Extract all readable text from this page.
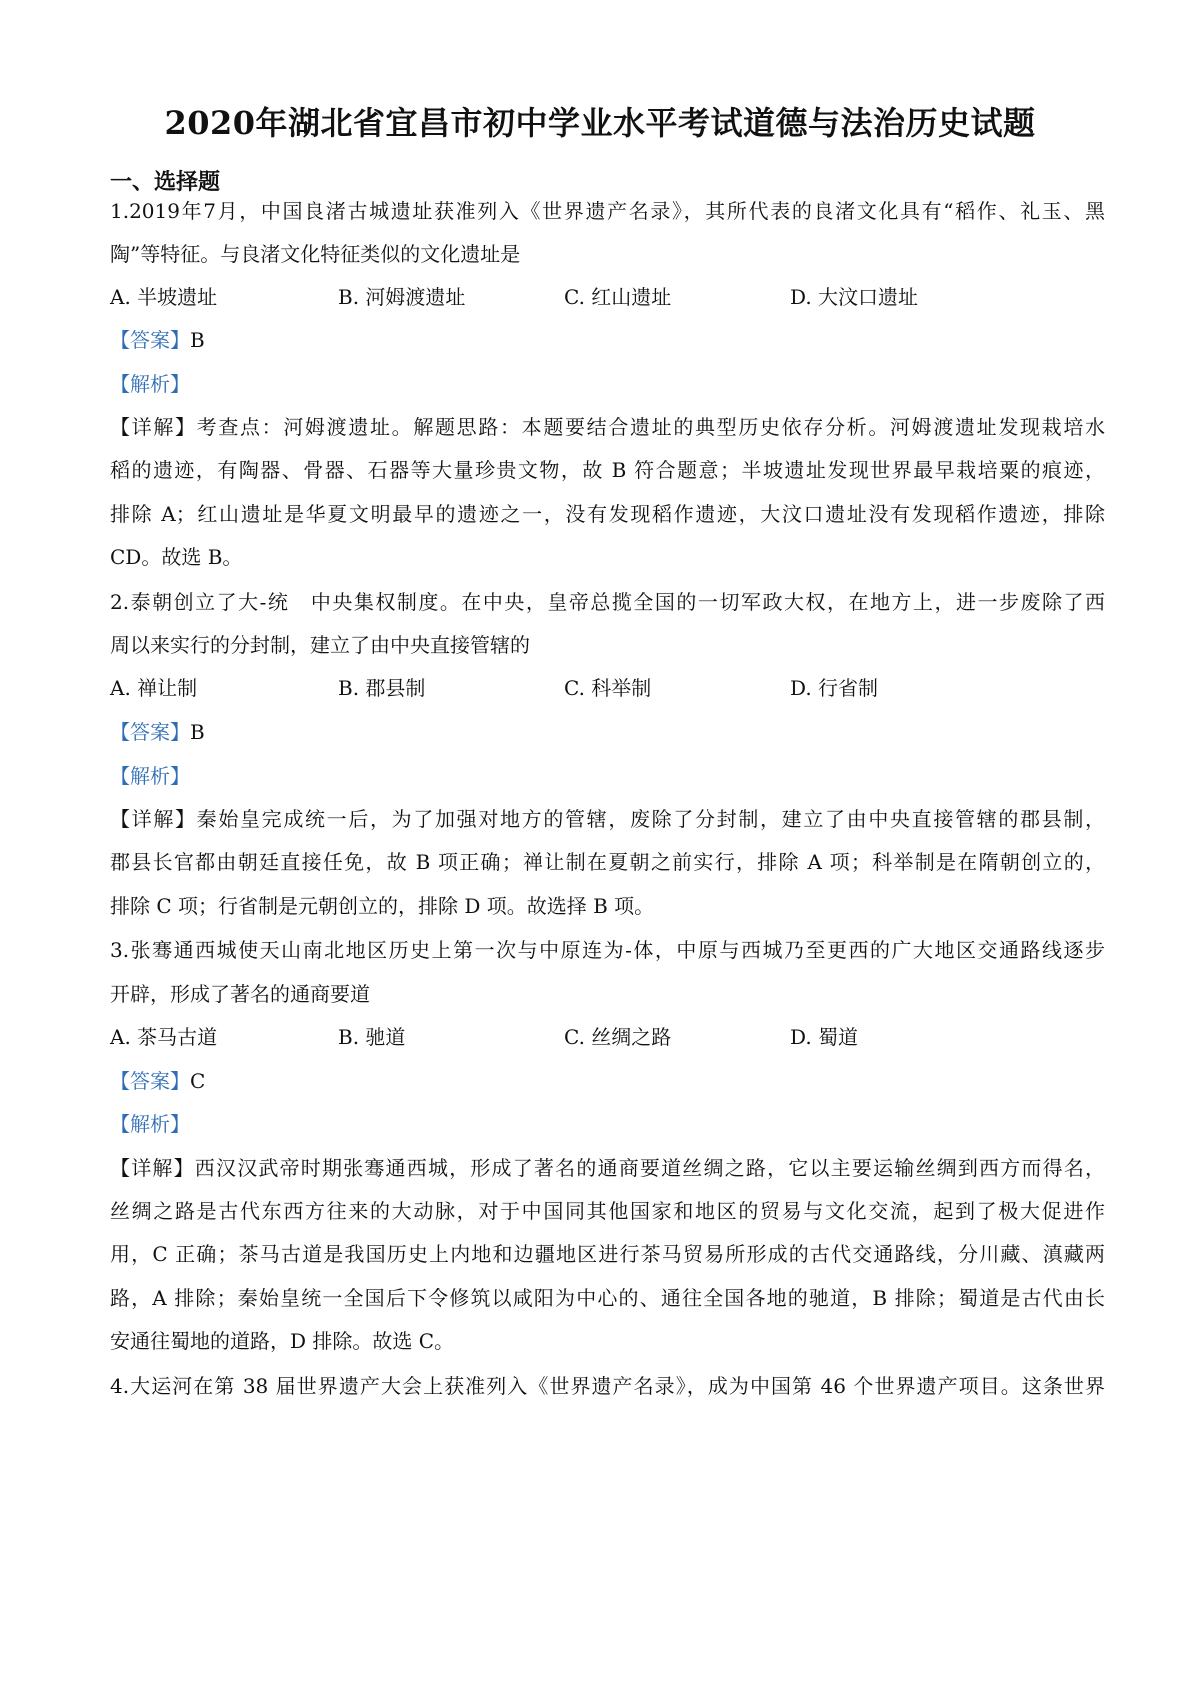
2020年湖北省宜昌市初中学业水平考试道德与法治历史试题
一、选择题
1.2019年7月，中国良渚古城遗址获准列入《世界遗产名录》，其所代表的良渚文化具有“稻作、礼玉、黑
陶”等特征。与良渚文化特征类似的文化遗址是
A. 半坡遗址	B. 河姆渡遗址	C. 红山遗址	D. 大汶口遗址
【答案】B
【解析】
【详解】考查点：河姆渡遗址。解题思路：本题要结合遗址的典型历史依存分析。河姆渡遗址发现栽培水
稻的遗迹，有陶器、骨器、石器等大量珍贵文物，故 B 符合题意；半坡遗址发现世界最早栽培粟的痕迹，
排除 A；红山遗址是华夏文明最早的遗迹之一，没有发现稻作遗迹，大汶口遗址没有发现稻作遗迹，排除
CD。故选 B。
2.泰朝创立了大-统　中央集权制度。在中央，皇帝总揽全国的一切军政大权，在地方上，进一步废除了西
周以来实行的分封制，建立了由中央直接管辖的
A. 禅让制	B. 郡县制	C. 科举制	D. 行省制
【答案】B
【解析】
【详解】秦始皇完成统一后，为了加强对地方的管辖，废除了分封制，建立了由中央直接管辖的郡县制，
郡县长官都由朝廷直接任免，故 B 项正确；禅让制在夏朝之前实行，排除 A 项；科举制是在隋朝创立的，
排除 C 项；行省制是元朝创立的，排除 D 项。故选择 B 项。
3.张骞通西城使天山南北地区历史上第一次与中原连为-体，中原与西城乃至更西的广大地区交通路线逐步
开辟，形成了著名的通商要道
A. 茶马古道	B. 驰道	C. 丝绸之路	D. 蜀道
【答案】C
【解析】
【详解】西汉汉武帝时期张骞通西城，形成了著名的通商要道丝绸之路，它以主要运输丝绸到西方而得名，
丝绸之路是古代东西方往来的大动脉，对于中国同其他国家和地区的贸易与文化交流，起到了极大促进作
用，C 正确；茶马古道是我国历史上内地和边疆地区进行茶马贸易所形成的古代交通路线，分川藏、滇藏两
路，A 排除；秦始皇统一全国后下令修筑以咸阳为中心的、通往全国各地的驰道，B 排除；蜀道是古代由长
安通往蜀地的道路，D 排除。故选 C。
4.大运河在第 38 届世界遗产大会上获准列入《世界遗产名录》，成为中国第 46 个世界遗产项目。这条世界
